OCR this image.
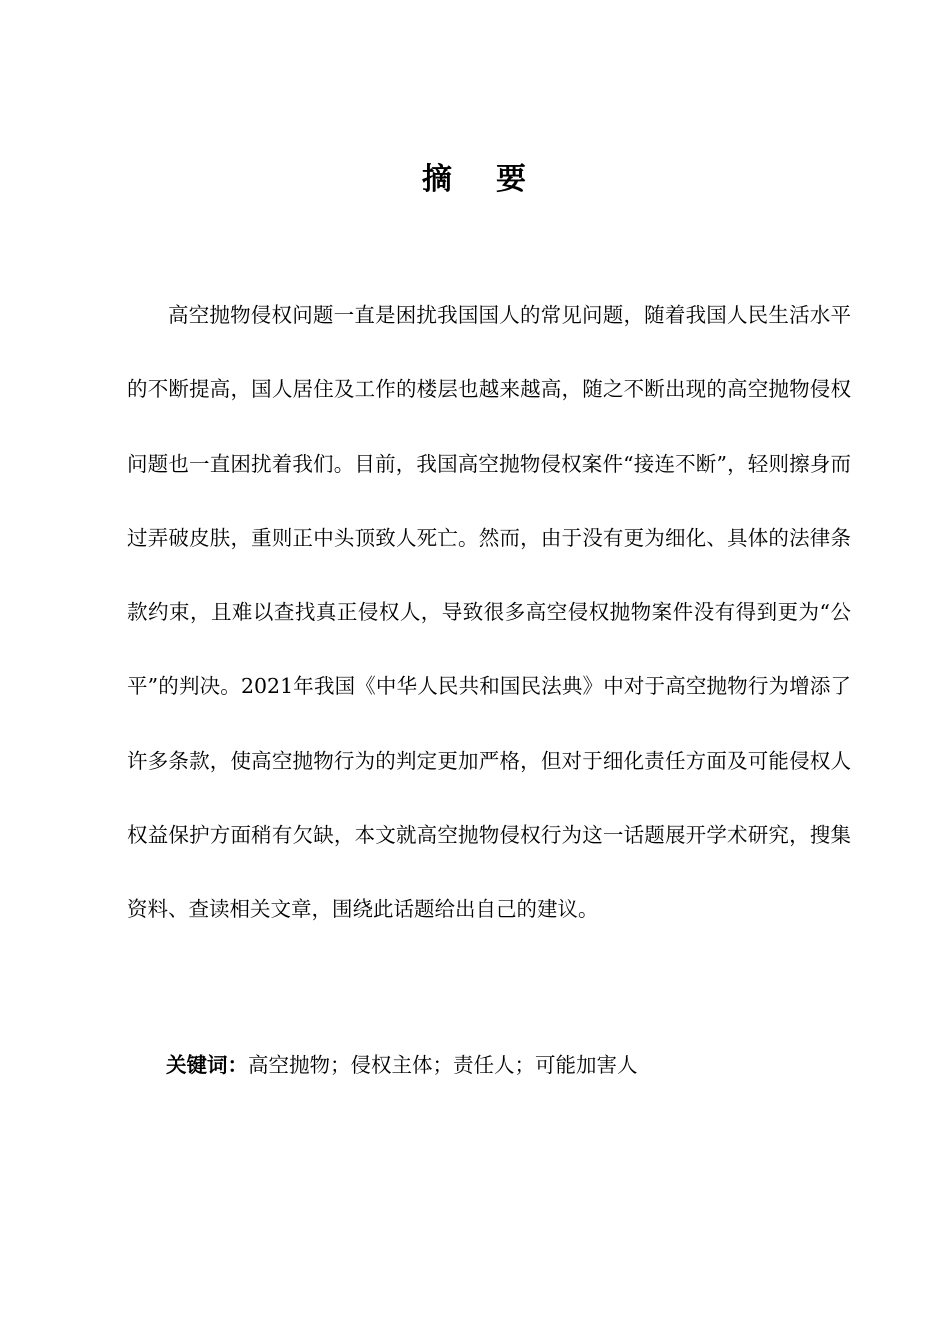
摘 要

高空抛物侵权问题一直是困扰我国国人的常见问题，随着我国人民生活水平的不断提高，国人居住及工作的楼层也越来越高，随之不断出现的高空抛物侵权问题也一直困扰着我们。目前，我国高空抛物侵权案件“接连不断”，轻则擦身而过弄破皮肤，重则正中头顶致人死亡。然而，由于没有更为细化、具体的法律条款约束，且难以查找真正侵权人，导致很多高空侵权抛物案件没有得到更为“公平”的判决。2021年我国《中华人民共和国民法典》中对于高空抛物行为增添了许多条款，使高空抛物行为的判定更加严格，但对于细化责任方面及可能侵权人权益保护方面稍有欠缺，本文就高空抛物侵权行为这一话题展开学术研究，搜集资料、查读相关文章，围绕此话题给出自己的建议。

关键词：高空抛物；侵权主体；责任人；可能加害人
